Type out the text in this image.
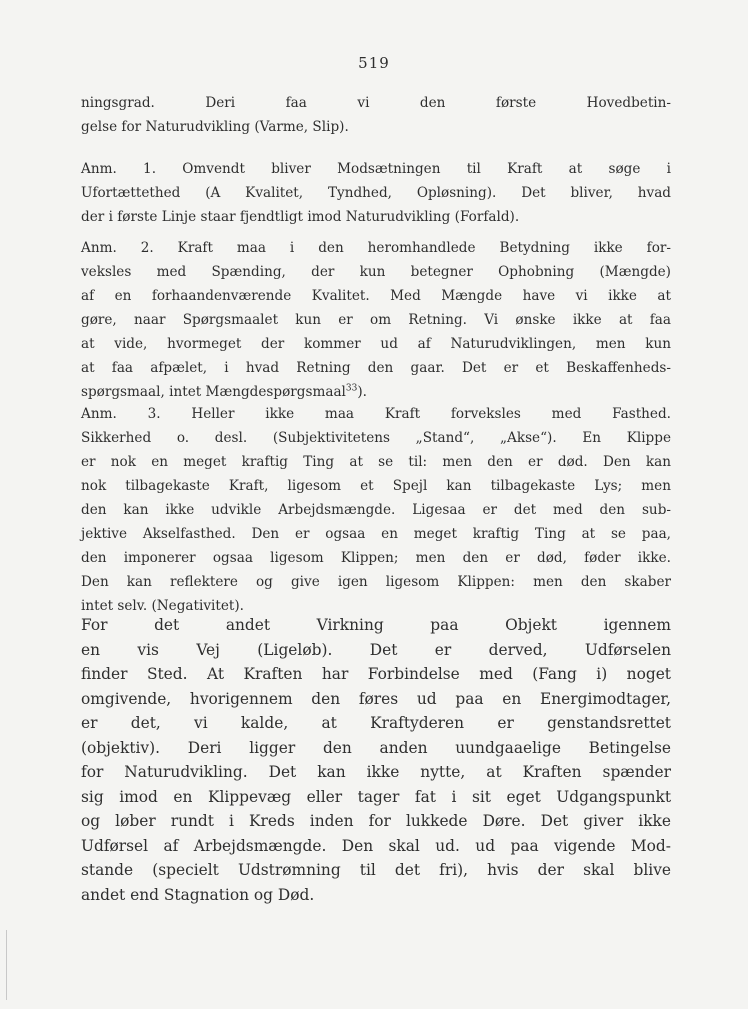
519
ningsgrad. Deri faa vi den første Hovedbetin-
gelse for Naturudvikling (Varme, Slip).
Anm. 1. Omvendt bliver Modsætningen til Kraft at søge i
Ufortættethed (A Kvalitet, Tyndhed, Opløsning). Det bliver, hvad
der i første Linje staar fjendtligt imod Naturudvikling (Forfald).
Anm. 2. Kraft maa i den heromhandlede Betydning ikke for-
veksles med Spænding, der kun betegner Ophobning (Mængde)
af en forhaandenværende Kvalitet. Med Mængde have vi ikke at
gøre, naar Spørgsmaalet kun er om Retning. Vi ønske ikke at faa
at vide, hvormeget der kommer ud af Naturudviklingen, men kun
at faa afpælet, i hvad Retning den gaar. Det er et Beskaffenheds-
spørgsmaal, intet Mængdespørgsmaal$^{33}$).
Anm. 3. Heller ikke maa Kraft forveksles med Fasthed.
Sikkerhed o. desl. (Subjektivitetens „Stand“, „Akse“). En Klippe
er nok en meget kraftig Ting at se til: men den er død. Den kan
nok tilbagekaste Kraft, ligesom et Spejl kan tilbagekaste Lys; men
den kan ikke udvikle Arbejdsmængde. Ligesaa er det med den sub-
jektive Akselfasthed. Den er ogsaa en meget kraftig Ting at se paa,
den imponerer ogsaa ligesom Klippen; men den er død, føder ikke.
Den kan reflektere og give igen ligesom Klippen: men den skaber
intet selv. (Negativitet).
For det andet Virkning paa Objekt igennem
en vis Vej (Ligeløb). Det er derved, Udførselen
finder Sted. At Kraften har Forbindelse med (Fang i) noget
omgivende, hvorigennem den føres ud paa en Energimodtager,
er det, vi kalde, at Kraftyderen er genstandsrettet
(objektiv). Deri ligger den anden uundgaaelige Betingelse
for Naturudvikling. Det kan ikke nytte, at Kraften spænder
sig imod en Klippevæg eller tager fat i sit eget Udgangspunkt
og løber rundt i Kreds inden for lukkede Døre. Det giver ikke
Udførsel af Arbejdsmængde. Den skal ud. ud paa vigende Mod-
stande (specielt Udstrømning til det fri), hvis der skal blive
andet end Stagnation og Død.
